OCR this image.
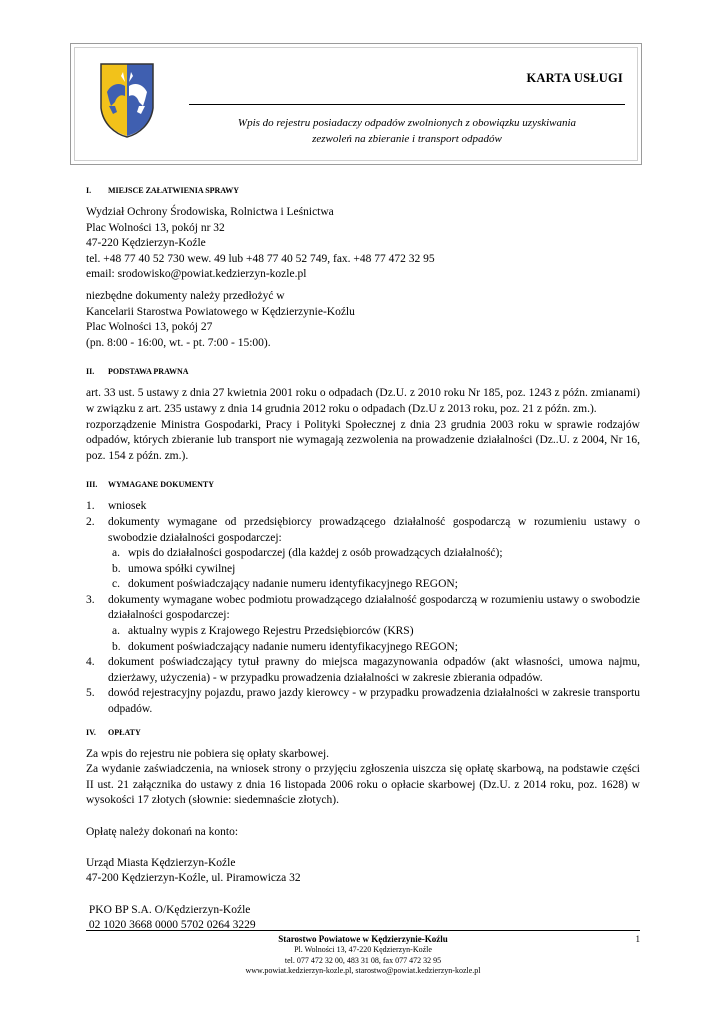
KARTA USŁUGI
Wpis do rejestru posiadaczy odpadów zwolnionych z obowiązku uzyskiwania
zezwoleń na zbieranie i transport odpadów
I.	MIEJSCE ZAŁATWIENIA SPRAWY

Wydział Ochrony Środowiska, Rolnictwa i Leśnictwa

Plac Wolności 13, pokój nr 32

47-220 Kędzierzyn-Koźle

tel. +48 77 40 52 730 wew. 49 lub +48 77 40 52 749, fax. +48 77 472 32 95

email: srodowisko@powiat.kedzierzyn-kozle.pl

niezbędne dokumenty należy przedłożyć w

Kancelarii Starostwa Powiatowego w Kędzierzynie-Koźlu

Plac Wolności 13, pokój 27

(pn. 8:00 - 16:00, wt. - pt. 7:00 - 15:00).

II.	PODSTAWA PRAWNA

art. 33 ust. 5 ustawy z dnia 27 kwietnia 2001 roku o odpadach (Dz.U. z 2010 roku Nr 185, poz. 1243 z późn. zmianami) w związku z art. 235 ustawy z dnia 14 grudnia 2012 roku o odpadach (Dz.U z 2013 roku, poz. 21 z późn. zm.).

rozporządzenie Ministra Gospodarki, Pracy i Polityki Społecznej z dnia 23 grudnia 2003 roku w sprawie rodzajów odpadów, których zbieranie lub transport nie wymagają zezwolenia na prowadzenie działalności (Dz..U. z 2004, Nr 16, poz. 154 z późn. zm.).

III.	WYMAGANE DOKUMENTY
1. wniosek
2. dokumenty wymagane od przedsiębiorcy prowadzącego działalność gospodarczą w rozumieniu ustawy o swobodzie działalności gospodarczej:
a. wpis do działalności gospodarczej (dla każdej z osób prowadzących działalność);
b. umowa spółki cywilnej
c. dokument poświadczający nadanie numeru identyfikacyjnego REGON;
3. dokumenty wymagane wobec podmiotu prowadzącego działalność gospodarczą w rozumieniu ustawy o swobodzie działalności gospodarczej:
a. aktualny wypis z Krajowego Rejestru Przedsiębiorców (KRS)
b. dokument poświadczający nadanie numeru identyfikacyjnego REGON;
4. dokument poświadczający tytuł prawny do miejsca magazynowania odpadów (akt własności, umowa najmu, dzierżawy, użyczenia) - w przypadku prowadzenia działalności w zakresie zbierania odpadów.
5. dowód rejestracyjny pojazdu, prawo jazdy kierowcy - w przypadku prowadzenia działalności w zakresie transportu odpadów.
IV.	OPŁATY

Za wpis do rejestru nie pobiera się opłaty skarbowej.

Za wydanie zaświadczenia, na wniosek strony o przyjęciu zgłoszenia uiszcza się opłatę skarbową, na podstawie części II ust. 21 załącznika do ustawy z dnia 16 listopada 2006 roku o opłacie skarbowej (Dz.U. z 2014 roku, poz. 1628) w wysokości 17 złotych (słownie: siedemnaście złotych).

Opłatę należy dokonań na konto:

Urząd Miasta Kędzierzyn-Koźle

47-200 Kędzierzyn-Koźle, ul. Piramowicza 32

PKO BP S.A. O/Kędzierzyn-Koźle

02 1020 3668 0000 5702 0264 3229

Starostwo Powiatowe w Kędzierzynie-Koźlu
Pl. Wolności 13, 47-220 Kędzierzyn-Koźle
tel. 077 472 32 00, 483 31 08, fax 077 472 32 95
www.powiat.kedzierzyn-kozle.pl, starostwo@powiat.kedzierzyn-kozle.pl
1
